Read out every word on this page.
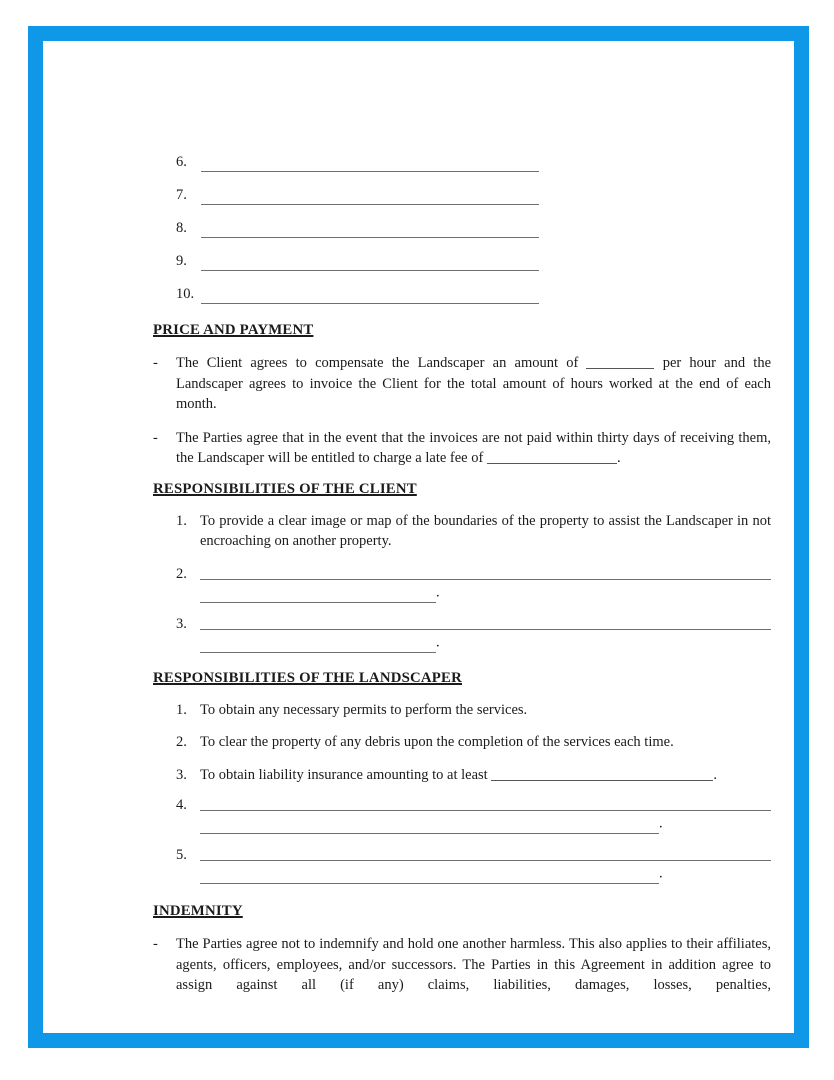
6.
7.
8.
9.
10.
PRICE AND PAYMENT
-	The Client agrees to compensate the Landscaper an amount of	per hour and the Landscaper agrees to invoice the Client for the total amount of hours worked at the end of each month.

-	The Parties agree that in the event that the invoices are not paid within thirty days of receiving them, the Landscaper will be entitled to charge a late fee of	.

RESPONSIBILITIES OF THE CLIENT
1. To provide a clear image or map of the boundaries of the property to assist the Landscaper in not encroaching on another property.
2.
.
3.
.
RESPONSIBILITIES OF THE LANDSCAPER
1. To obtain any necessary permits to perform the services.
2. To clear the property of any debris upon the completion of the services each time.
3. To obtain liability insurance amounting to at least	.
4.
.
5.
.
INDEMNITY
-	The Parties agree not to indemnify and hold one another harmless. This also applies to their affiliates, agents, officers, employees, and/or successors. The Parties in this Agreement in addition agree to assign against all (if any) claims, liabilities, damages, losses, penalties,
